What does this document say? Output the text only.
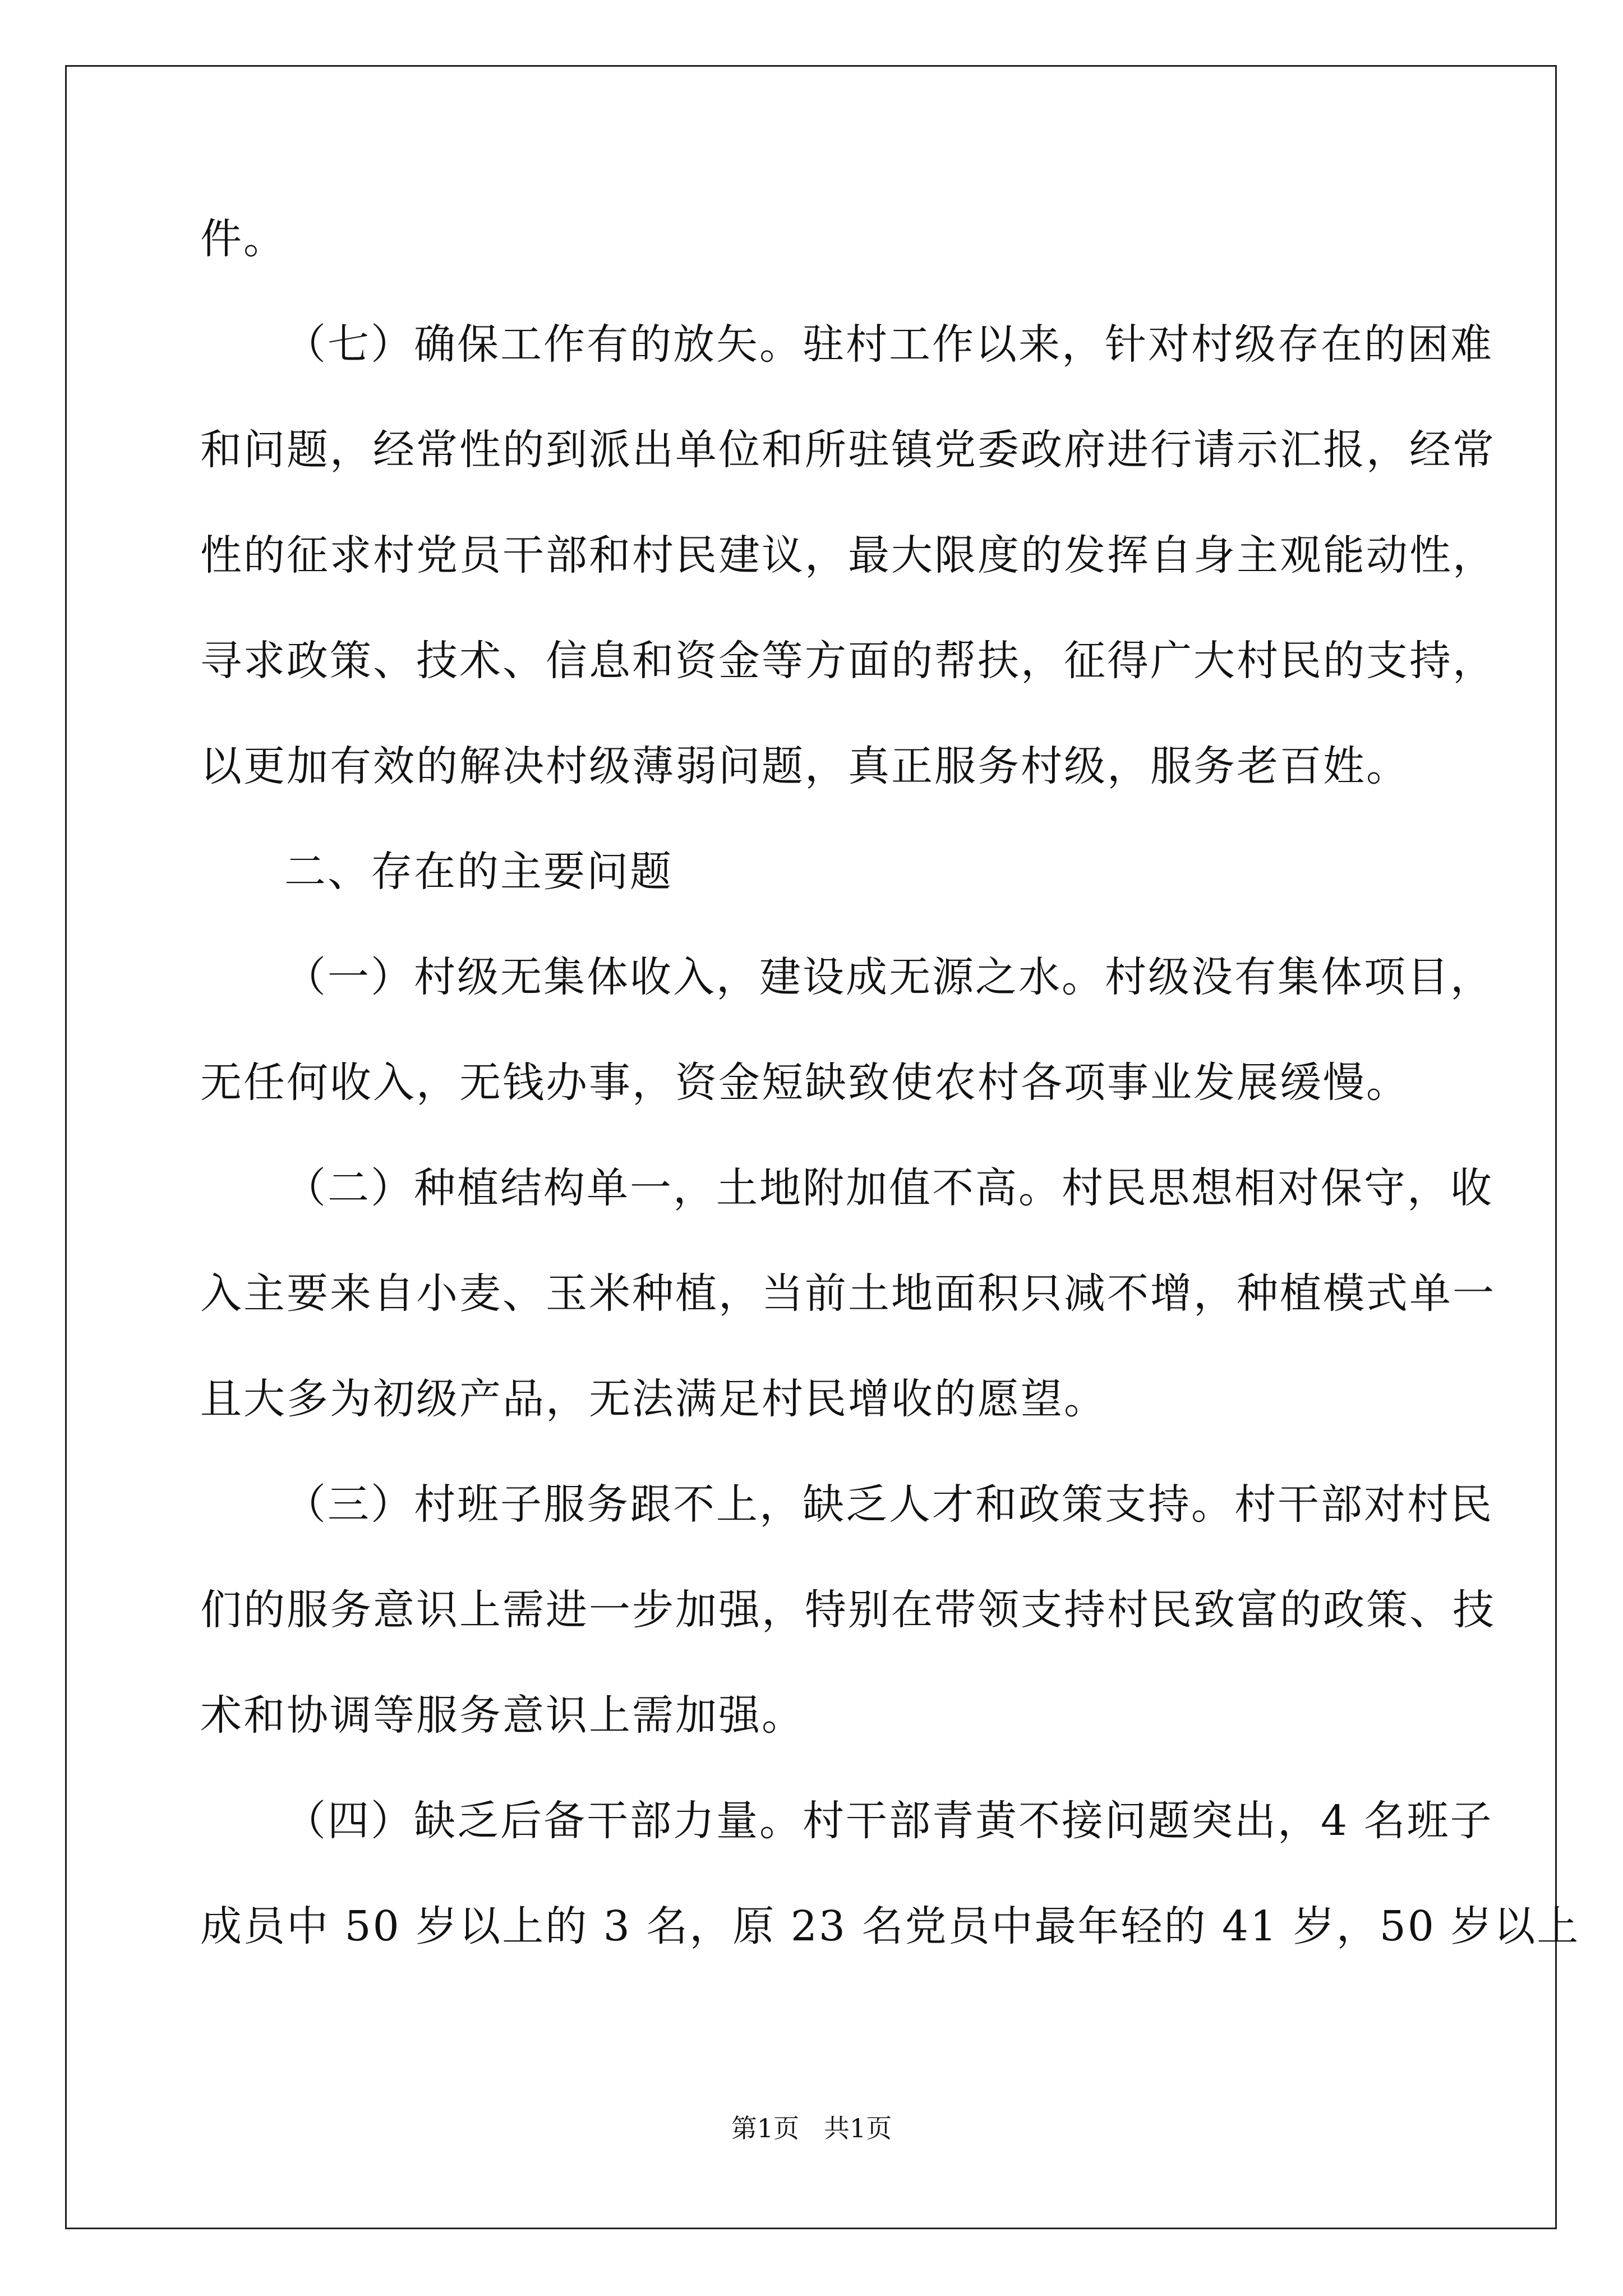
件。
（七）确保工作有的放矢。驻村工作以来，针对村级存在的困难
和问题，经常性的到派出单位和所驻镇党委政府进行请示汇报，经常
性的征求村党员干部和村民建议，最大限度的发挥自身主观能动性，
寻求政策、技术、信息和资金等方面的帮扶，征得广大村民的支持，
以更加有效的解决村级薄弱问题，真正服务村级，服务老百姓。
二、存在的主要问题
（一）村级无集体收入，建设成无源之水。村级没有集体项目，
无任何收入，无钱办事，资金短缺致使农村各项事业发展缓慢。
（二）种植结构单一，土地附加值不高。村民思想相对保守，收
入主要来自小麦、玉米种植，当前土地面积只减不增，种植模式单一
且大多为初级产品，无法满足村民增收的愿望。
（三）村班子服务跟不上，缺乏人才和政策支持。村干部对村民
们的服务意识上需进一步加强，特别在带领支持村民致富的政策、技
术和协调等服务意识上需加强。
（四）缺乏后备干部力量。村干部青黄不接问题突出，4 名班子
成员中 50 岁以上的 3 名，原 23 名党员中最年轻的 41 岁，50 岁以上
第1页   共1页
